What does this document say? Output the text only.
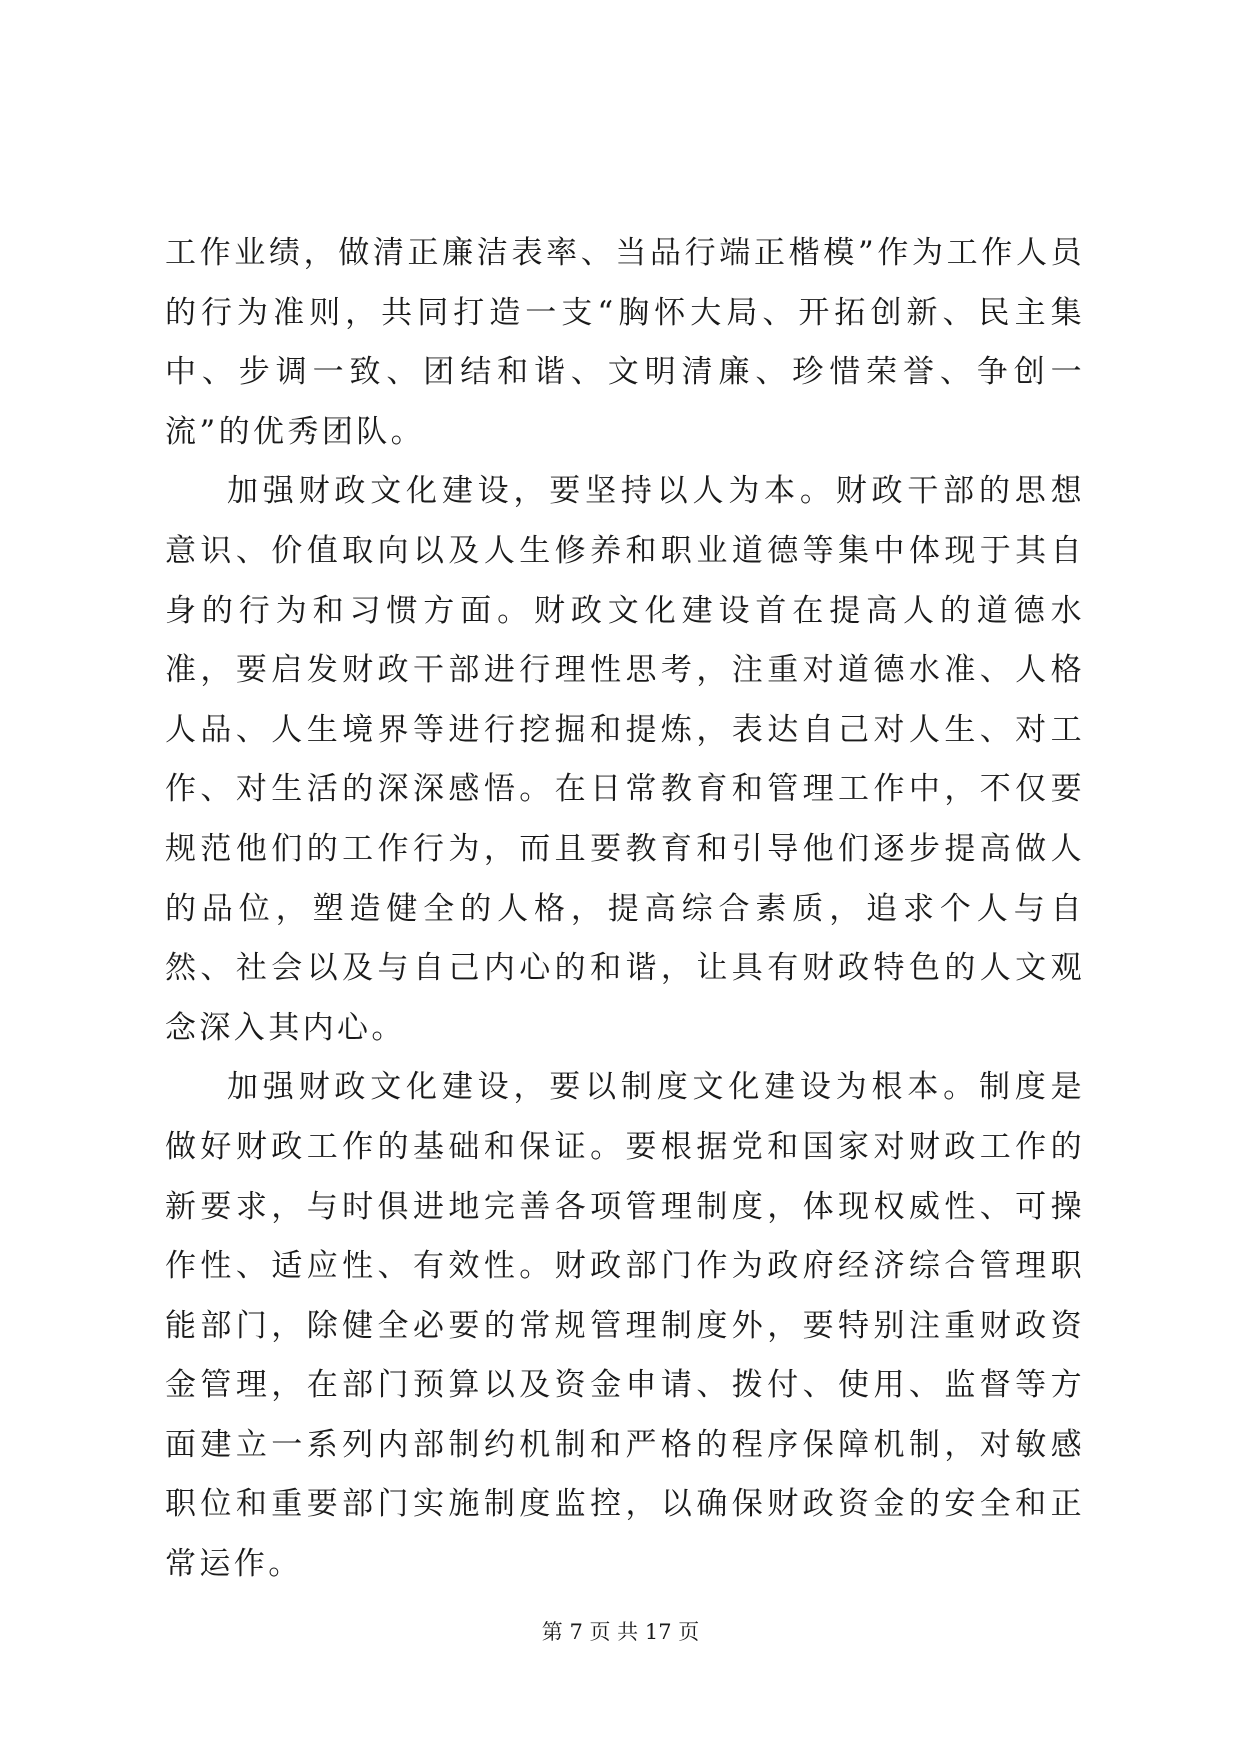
工作业绩，做清正廉洁表率、当品行端正楷模”作为工作人员的行为准则，共同打造一支“胸怀大局、开拓创新、民主集中、步调一致、团结和谐、文明清廉、珍惜荣誉、争创一流”的优秀团队。

加强财政文化建设，要坚持以人为本。财政干部的思想意识、价值取向以及人生修养和职业道德等集中体现于其自身的行为和习惯方面。财政文化建设首在提高人的道德水准，要启发财政干部进行理性思考，注重对道德水准、人格人品、人生境界等进行挖掘和提炼，表达自己对人生、对工作、对生活的深深感悟。在日常教育和管理工作中，不仅要规范他们的工作行为，而且要教育和引导他们逐步提高做人的品位，塑造健全的人格，提高综合素质，追求个人与自然、社会以及与自己内心的和谐，让具有财政特色的人文观念深入其内心。

加强财政文化建设，要以制度文化建设为根本。制度是做好财政工作的基础和保证。要根据党和国家对财政工作的新要求，与时俱进地完善各项管理制度，体现权威性、可操作性、适应性、有效性。财政部门作为政府经济综合管理职能部门，除健全必要的常规管理制度外，要特别注重财政资金管理，在部门预算以及资金申请、拨付、使用、监督等方面建立一系列内部制约机制和严格的程序保障机制，对敏感职位和重要部门实施制度监控，以确保财政资金的安全和正常运作。

第 7 页 共 17 页
